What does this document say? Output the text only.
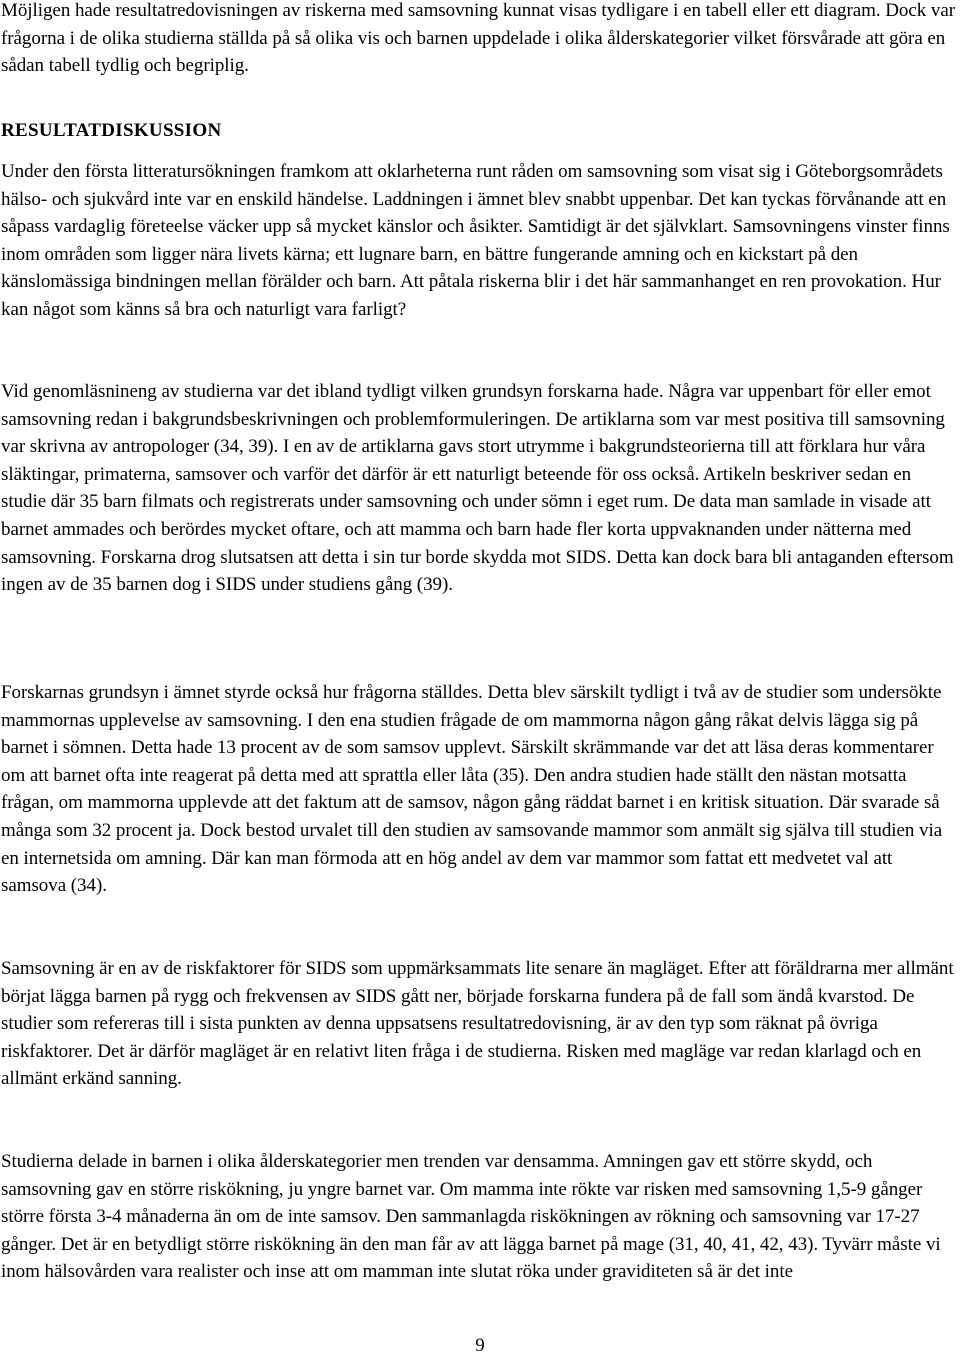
Möjligen hade resultatredovisningen av riskerna med samsovning kunnat visas tydligare i en tabell eller ett diagram. Dock var frågorna i de olika studierna ställda på så olika vis och barnen uppdelade i olika ålderskategorier vilket försvårade att göra en sådan tabell tydlig och begriplig.

RESULTATDISKUSSION

Under den första litteratursökningen framkom att oklarheterna runt råden om samsovning som visat sig i Göteborgsområdets hälso- och sjukvård inte var en enskild händelse. Laddningen i ämnet blev snabbt uppenbar. Det kan tyckas förvånande att en såpass vardaglig företeelse väcker upp så mycket känslor och åsikter. Samtidigt är det självklart. Samsovningens vinster finns inom områden som ligger nära livets kärna; ett lugnare barn, en bättre fungerande amning och en kickstart på den känslomässiga bindningen mellan förälder och barn. Att påtala riskerna blir i det här sammanhanget en ren provokation. Hur kan något som känns så bra och naturligt vara farligt?

Vid genomläsnineng av studierna var det ibland tydligt vilken grundsyn forskarna hade. Några var uppenbart för eller emot samsovning redan i bakgrundsbeskrivningen och problemformuleringen. De artiklarna som var mest positiva till samsovning var skrivna av antropologer (34, 39). I en av de artiklarna gavs stort utrymme i bakgrundsteorierna till att förklara hur våra släktingar, primaterna, samsover och varför det därför är ett naturligt beteende för oss också. Artikeln beskriver sedan en studie där 35 barn filmats och registrerats under samsovning och under sömn i eget rum. De data man samlade in visade att barnet ammades och berördes mycket oftare, och att mamma och barn hade fler korta uppvaknanden under nätterna med samsovning. Forskarna drog slutsatsen att detta i sin tur borde skydda mot SIDS. Detta kan dock bara bli antaganden eftersom ingen av de 35 barnen dog i SIDS under studiens gång (39).

Forskarnas grundsyn i ämnet styrde också hur frågorna ställdes. Detta blev särskilt tydligt i två av de studier som undersökte mammornas upplevelse av samsovning. I den ena studien frågade de om mammorna någon gång råkat delvis lägga sig på barnet i sömnen. Detta hade 13 procent av de som samsov upplevt. Särskilt skrämmande var det att läsa deras kommentarer om att barnet ofta inte reagerat på detta med att sprattla eller låta (35). Den andra studien hade ställt den nästan motsatta frågan, om mammorna upplevde att det faktum att de samsov, någon gång räddat barnet i en kritisk situation. Där svarade så många som 32 procent ja. Dock bestod urvalet till den studien av samsovande mammor som anmält sig själva till studien via en internetsida om amning. Där kan man förmoda att en hög andel av dem var mammor som fattat ett medvetet val att samsova (34).

Samsovning är en av de riskfaktorer för SIDS som uppmärksammats lite senare än magläget. Efter att föräldrarna mer allmänt börjat lägga barnen på rygg och frekvensen av SIDS gått ner, började forskarna fundera på de fall som ändå kvarstod. De studier som refereras till i sista punkten av denna uppsatsens resultatredovisning, är av den typ som räknat på övriga riskfaktorer. Det är därför magläget är en relativt liten fråga i de studierna. Risken med magläge var redan klarlagd och en allmänt erkänd sanning.

Studierna delade in barnen i olika ålderskategorier men trenden var densamma. Amningen gav ett större skydd, och samsovning gav en större riskökning, ju yngre barnet var. Om mamma inte rökte var risken med samsovning 1,5-9 gånger större första 3-4 månaderna än om de inte samsov. Den sammanlagda riskökningen av rökning och samsovning var 17-27 gånger. Det är en betydligt större riskökning än den man får av att lägga barnet på mage (31, 40, 41, 42, 43). Tyvärr måste vi inom hälsovården vara realister och inse att om mamman inte slutat röka under graviditeten så är det inte

9
